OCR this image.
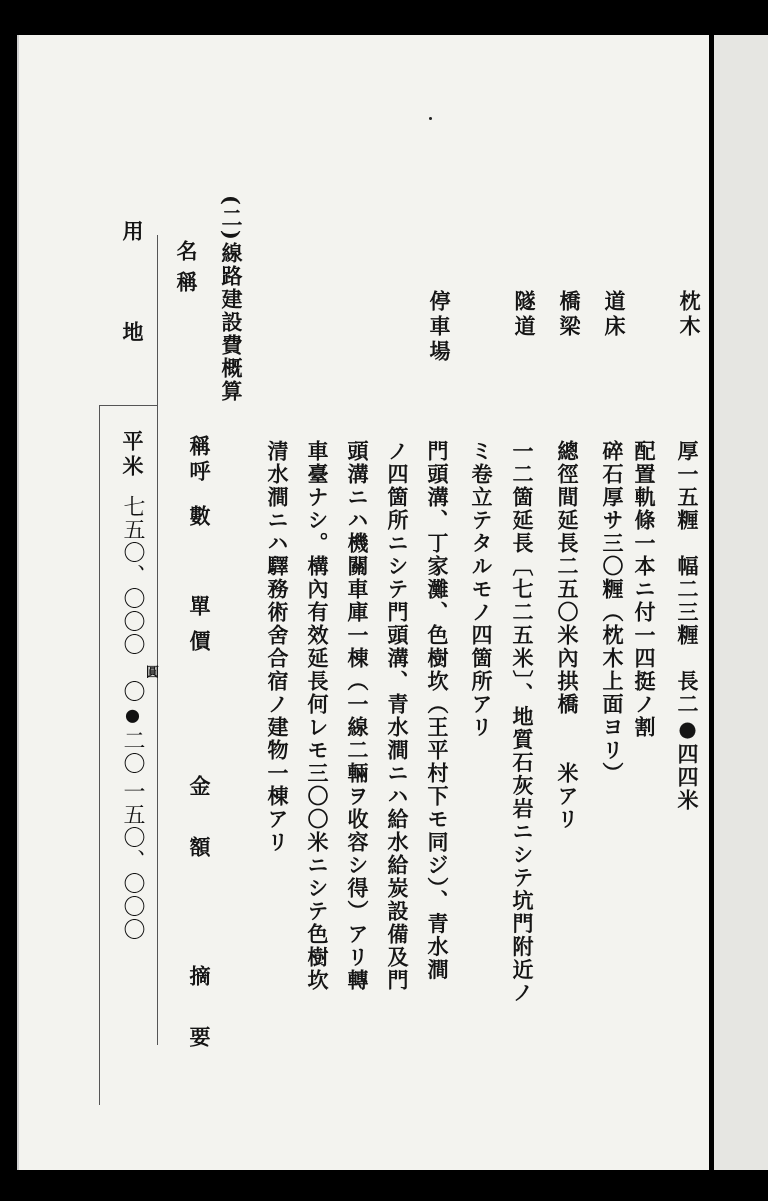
枕木
厚一五糎　幅二三糎　長二●四四米
配置軌條一本ニ付一四挺ノ割
道床
碎石厚サ三〇糎（枕木上面ヨリ）
橋梁
總徑間延長二五〇米內拱橋　　米アリ
隧道
一二箇延長〔七二五米〕、地質石灰岩ニシテ坑門附近ノ
ミ卷立テタルモノ四箇所アリ
停車場
門頭溝、丁家灘、色樹坎（王平村下モ同ジ）、青水澗
ノ四箇所ニシテ門頭溝、青水澗ニハ給水給炭設備及門
頭溝ニハ機關車庫一棟（一線二輛ヲ收容シ得）アリ轉
車臺ナシ。構內有效延長何レモ三〇〇米ニシテ色樹坎
清水澗ニハ驛務術舍合宿ノ建物一棟アリ
(二)線路建設費概算
名稱
稱呼
數
單價
金額
摘要
用地
平米
七五〇、〇〇〇
圓
〇●二〇
一五〇、〇〇〇
